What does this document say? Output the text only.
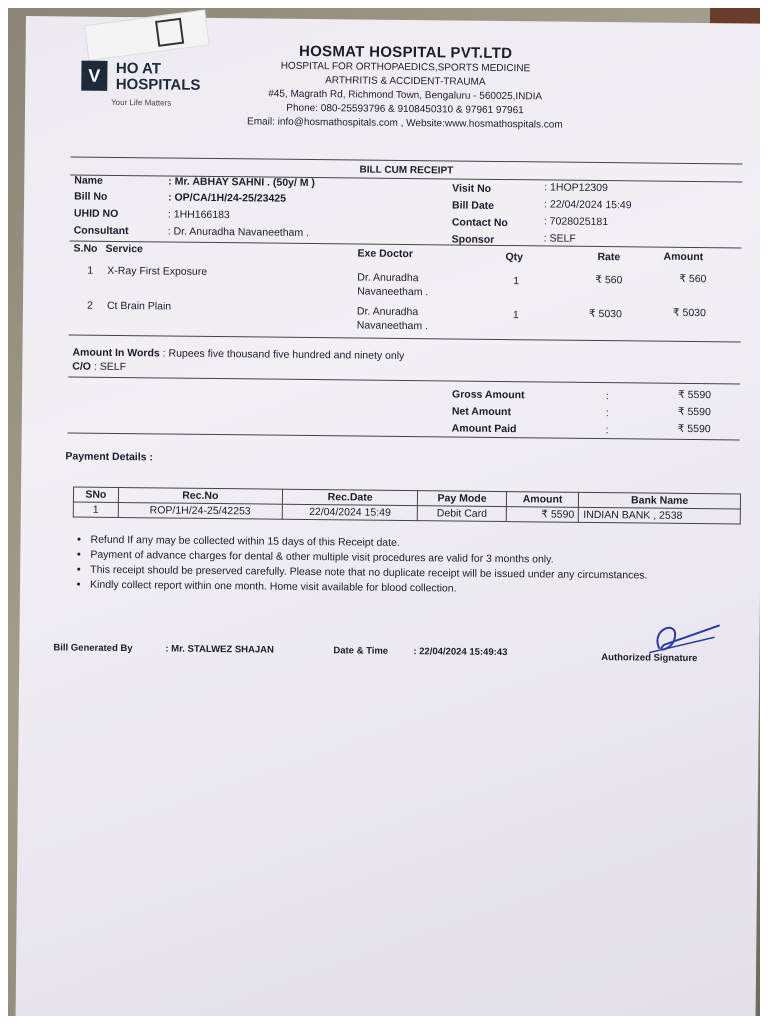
V HO AT
HOSPITALS
Your Life Matters
HOSMAT HOSPITAL PVT.LTD
HOSPITAL FOR ORTHOPAEDICS,SPORTS MEDICINE
ARTHRITIS & ACCIDENT-TRAUMA
#45, Magrath Rd, Richmond Town, Bengaluru - 560025,INDIA
Phone: 080-25593796 & 9108450310 & 97961 97961
Email: info@hosmathospitals.com , Website:www.hosmathospitals.com
BILL CUM RECEIPT
Name	: Mr. ABHAY SAHNI . (50y/ M )
Bill No	: OP/CA/1H/24-25/23425
UHID NO	: 1HH166183
Consultant	: Dr. Anuradha Navaneetham .
Visit No	: 1HOP12309
Bill Date	: 22/04/2024 15:49
Contact No	: 7028025181
Sponsor	: SELF
S.No Service	Exe Doctor	Qty	Rate	Amount
1 X-Ray First Exposure	Dr. Anuradha
Navaneetham .
1	₹ 560	₹ 560
2 Ct Brain Plain	Dr. Anuradha
Navaneetham .
1	₹ 5030	₹ 5030
Amount In Words : Rupees five thousand five hundred and ninety only
C/O : SELF
Gross Amount	:	₹ 5590
Net Amount	:	₹ 5590
Amount Paid	:	₹ 5590
Payment Details :
SNo	Rec.No	Rec.Date	Pay Mode	Amount	Bank Name
1	ROP/1H/24-25/42253	22/04/2024 15:49	Debit Card	₹ 5590	INDIAN BANK , 2538
• Refund If any may be collected within 15 days of this Receipt date.
• Payment of advance charges for dental & other multiple visit procedures are valid for 3 months only.
• This receipt should be preserved carefully. Please note that no duplicate receipt will be issued under any circumstances.
• Kindly collect report within one month. Home visit available for blood collection.
Bill Generated By	: Mr. STALWEZ SHAJAN	Date & Time	: 22/04/2024 15:49:43	Authorized Signature
